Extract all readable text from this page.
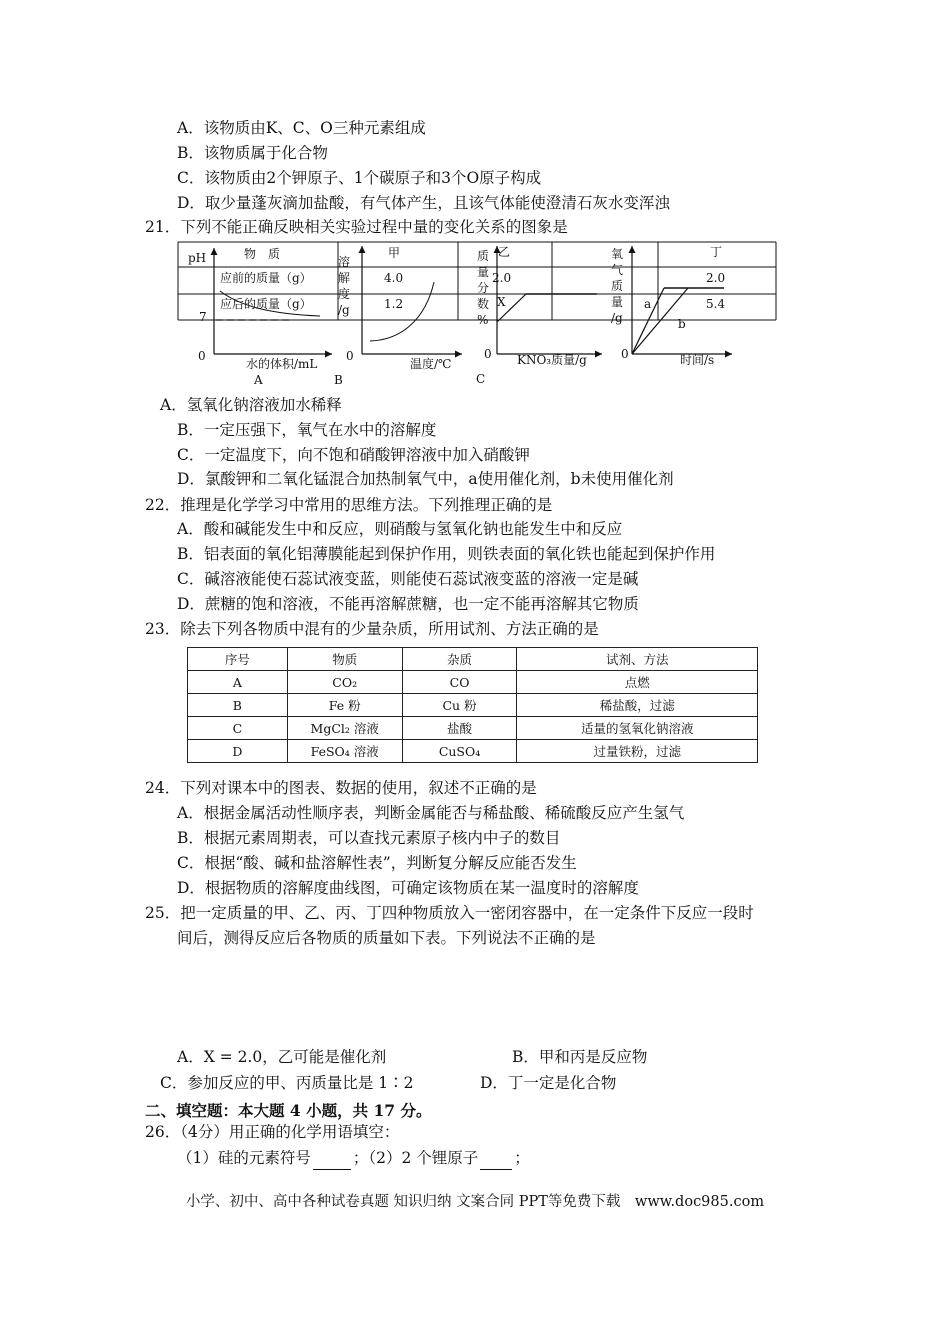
A．该物质由K、C、O三种元素组成
B．该物质属于化合物
C．该物质由2个钾原子、1个碳原子和3个O原子构成
D．取少量蓬灰滴加盐酸，有气体产生，且该气体能使澄清石灰水变浑浊
21．下列不能正确反映相关实验过程中量的变化关系的图象是
pH
7
0
水的体积/mL
A
溶
解
度
/g
0
温度/℃
B
质
量
分
数
%
0 KNO₃质量/g
C
氧
气
质
量
/g
a
b
0	时间/s
物　质	甲	乙	丁
应前的质量（g）	4.0	2.0	2.0
应后的质量（g）	1.2	X	5.4
A．氢氧化钠溶液加水稀释
B．一定压强下，氧气在水中的溶解度
C．一定温度下，向不饱和硝酸钾溶液中加入硝酸钾
D．氯酸钾和二氧化锰混合加热制氧气中，a使用催化剂，b未使用催化剂
22．推理是化学学习中常用的思维方法。下列推理正确的是
A．酸和碱能发生中和反应，则硝酸与氢氧化钠也能发生中和反应
B．铝表面的氧化铝薄膜能起到保护作用，则铁表面的氧化铁也能起到保护作用
C．碱溶液能使石蕊试液变蓝，则能使石蕊试液变蓝的溶液一定是碱
D．蔗糖的饱和溶液，不能再溶解蔗糖，也一定不能再溶解其它物质
23．除去下列各物质中混有的少量杂质，所用试剂、方法正确的是
序号	物质	杂质	试剂、方法
A	CO₂	CO	点燃
B	Fe 粉	Cu 粉	稀盐酸，过滤
C	MgCl₂ 溶液	盐酸	适量的氢氧化钠溶液
D	FeSO₄ 溶液	CuSO₄	过量铁粉，过滤
24．下列对课本中的图表、数据的使用，叙述不正确的是
A．根据金属活动性顺序表，判断金属能否与稀盐酸、稀硫酸反应产生氢气
B．根据元素周期表，可以查找元素原子核内中子的数目
C．根据“酸、碱和盐溶解性表”，判断复分解反应能否发生
D．根据物质的溶解度曲线图，可确定该物质在某一温度时的溶解度
25．把一定质量的甲、乙、丙、丁四种物质放入一密闭容器中，在一定条件下反应一段时
间后，测得反应后各物质的质量如下表。下列说法不正确的是
A．X = 2.0，乙可能是催化剂	B．甲和丙是反应物
C．参加反应的甲、丙质量比是 1∶2	D．丁一定是化合物
二、填空题：本大题 4 小题，共 17 分。
26．（4分）用正确的化学用语填空：
（1）硅的元素符号	；（2）2 个锂原子 ；
小学、初中、高中各种试卷真题 知识归纳 文案合同 PPT等免费下载　www.doc985.com
